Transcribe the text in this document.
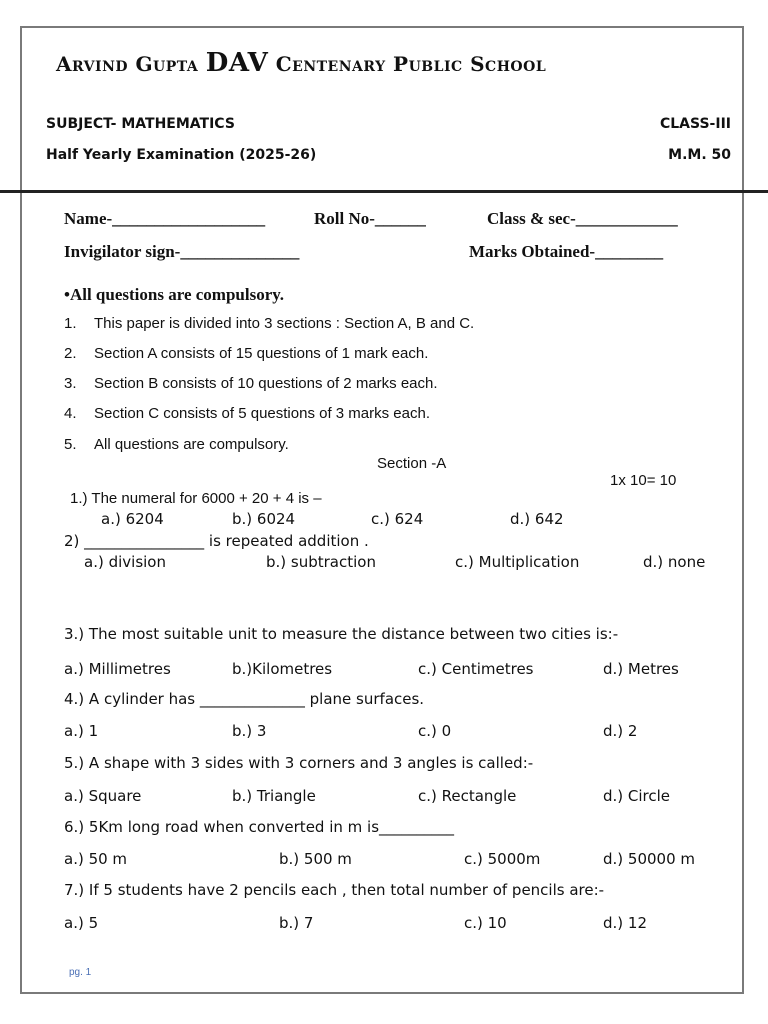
Arvind Gupta DAV Centenary Public School
SUBJECT- MATHEMATICS	CLASS-III
Half Yearly Examination (2025-26)	M.M. 50
Name-__________________	Roll No-______	Class & sec-____________
Invigilator sign-______________	Marks Obtained-________
•All questions are compulsory.
1. This paper is divided into 3 sections : Section A, B and C.
2. Section A consists of 15 questions of 1 mark each.
3. Section B consists of 10 questions of 2 marks each.
4. Section C consists of 5 questions of 3 marks each.
5. All questions are compulsory.
Section -A
1x 10= 10
1.) The numeral for 6000 + 20 + 4 is –
a.) 6204	b.) 6024	c.) 624	d.) 642
2) ________________ is repeated addition .
a.) division	b.) subtraction	c.) Multiplication	d.) none
3.) The most suitable unit to measure the distance between two cities is:-
a.) Millimetres	b.)Kilometres	c.) Centimetres	d.) Metres
4.) A cylinder has ______________ plane surfaces.
a.) 1	b.) 3	c.) 0	d.) 2
5.) A shape with 3 sides with 3 corners and 3 angles is called:-
a.) Square	b.) Triangle	c.) Rectangle	d.) Circle
6.) 5Km long road when converted in m is__________
a.) 50 m	b.) 500 m	c.) 5000m	d.) 50000 m
7.) If 5 students have 2 pencils each , then total number of pencils are:-
a.) 5	b.) 7	c.) 10	d.) 12
pg. 1
